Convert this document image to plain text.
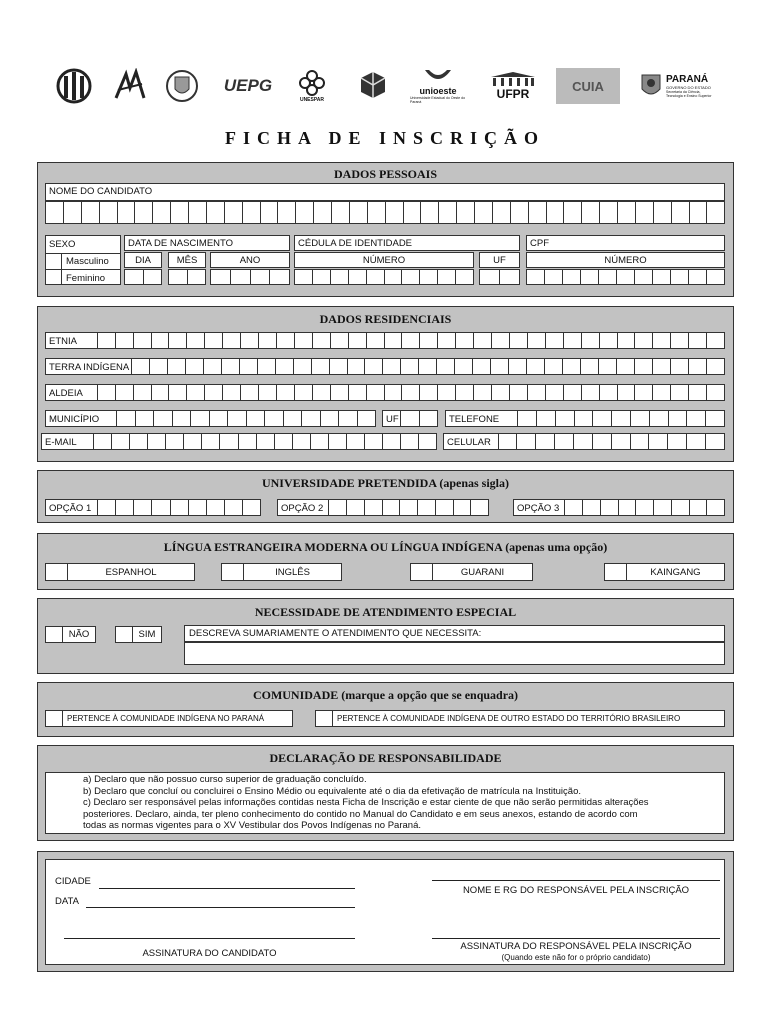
UEPG
UNESPAR
unioeste
Universidade Estadual do Oeste do Paraná
UFPR
CUIA	PARANÁ
GOVERNO DO ESTADO
Secretaria da Ciência, Tecnologia e Ensino Superior
FICHA DE INSCRIÇÃO
DADOS PESSOAIS
NOME DO CANDIDATO
SEXO
Masculino
Feminino
DATA DE NASCIMENTO
DIA	MÊS	ANO
CÉDULA DE IDENTIDADE
NÚMERO	UF
CPF
NÚMERO
DADOS RESIDENCIAIS
ETNIA
TERRA INDÍGENA
ALDEIA
MUNICÍPIO	UF	TELEFONE
E-MAIL	CELULAR
UNIVERSIDADE PRETENDIDA (apenas sigla)
OPÇÃO 1	OPÇÃO 2	OPÇÃO 3
LÍNGUA ESTRANGEIRA MODERNA OU LÍNGUA INDÍGENA (apenas uma opção)
ESPANHOL	INGLÊS	GUARANI	KAINGANG
NECESSIDADE DE ATENDIMENTO ESPECIAL
NÃO	SIM	DESCREVA SUMARIAMENTE O ATENDIMENTO QUE NECESSITA:
COMUNIDADE (marque a opção que se enquadra)
PERTENCE À COMUNIDADE INDÍGENA NO PARANÁ	PERTENCE À COMUNIDADE INDÍGENA DE OUTRO ESTADO DO TERRITÓRIO BRASILEIRO
DECLARAÇÃO DE RESPONSABILIDADE
a) Declaro que não possuo curso superior de graduação concluído.
b) Declaro que concluí ou concluirei o Ensino Médio ou equivalente até o dia da efetivação de matrícula na Instituição.
c) Declaro ser responsável pelas informações contidas nesta Ficha de Inscrição e estar ciente de que não serão permitidas alterações
posteriores. Declaro, ainda, ter pleno conhecimento do contido no Manual do Candidato e em seus anexos, estando de acordo com
todas as normas vigentes para o XV Vestibular dos Povos Indígenas no Paraná.
CIDADE
DATA
NOME E RG DO RESPONSÁVEL PELA INSCRIÇÃO
ASSINATURA DO CANDIDATO
ASSINATURA DO RESPONSÁVEL PELA INSCRIÇÃO
(Quando este não for o próprio candidato)
